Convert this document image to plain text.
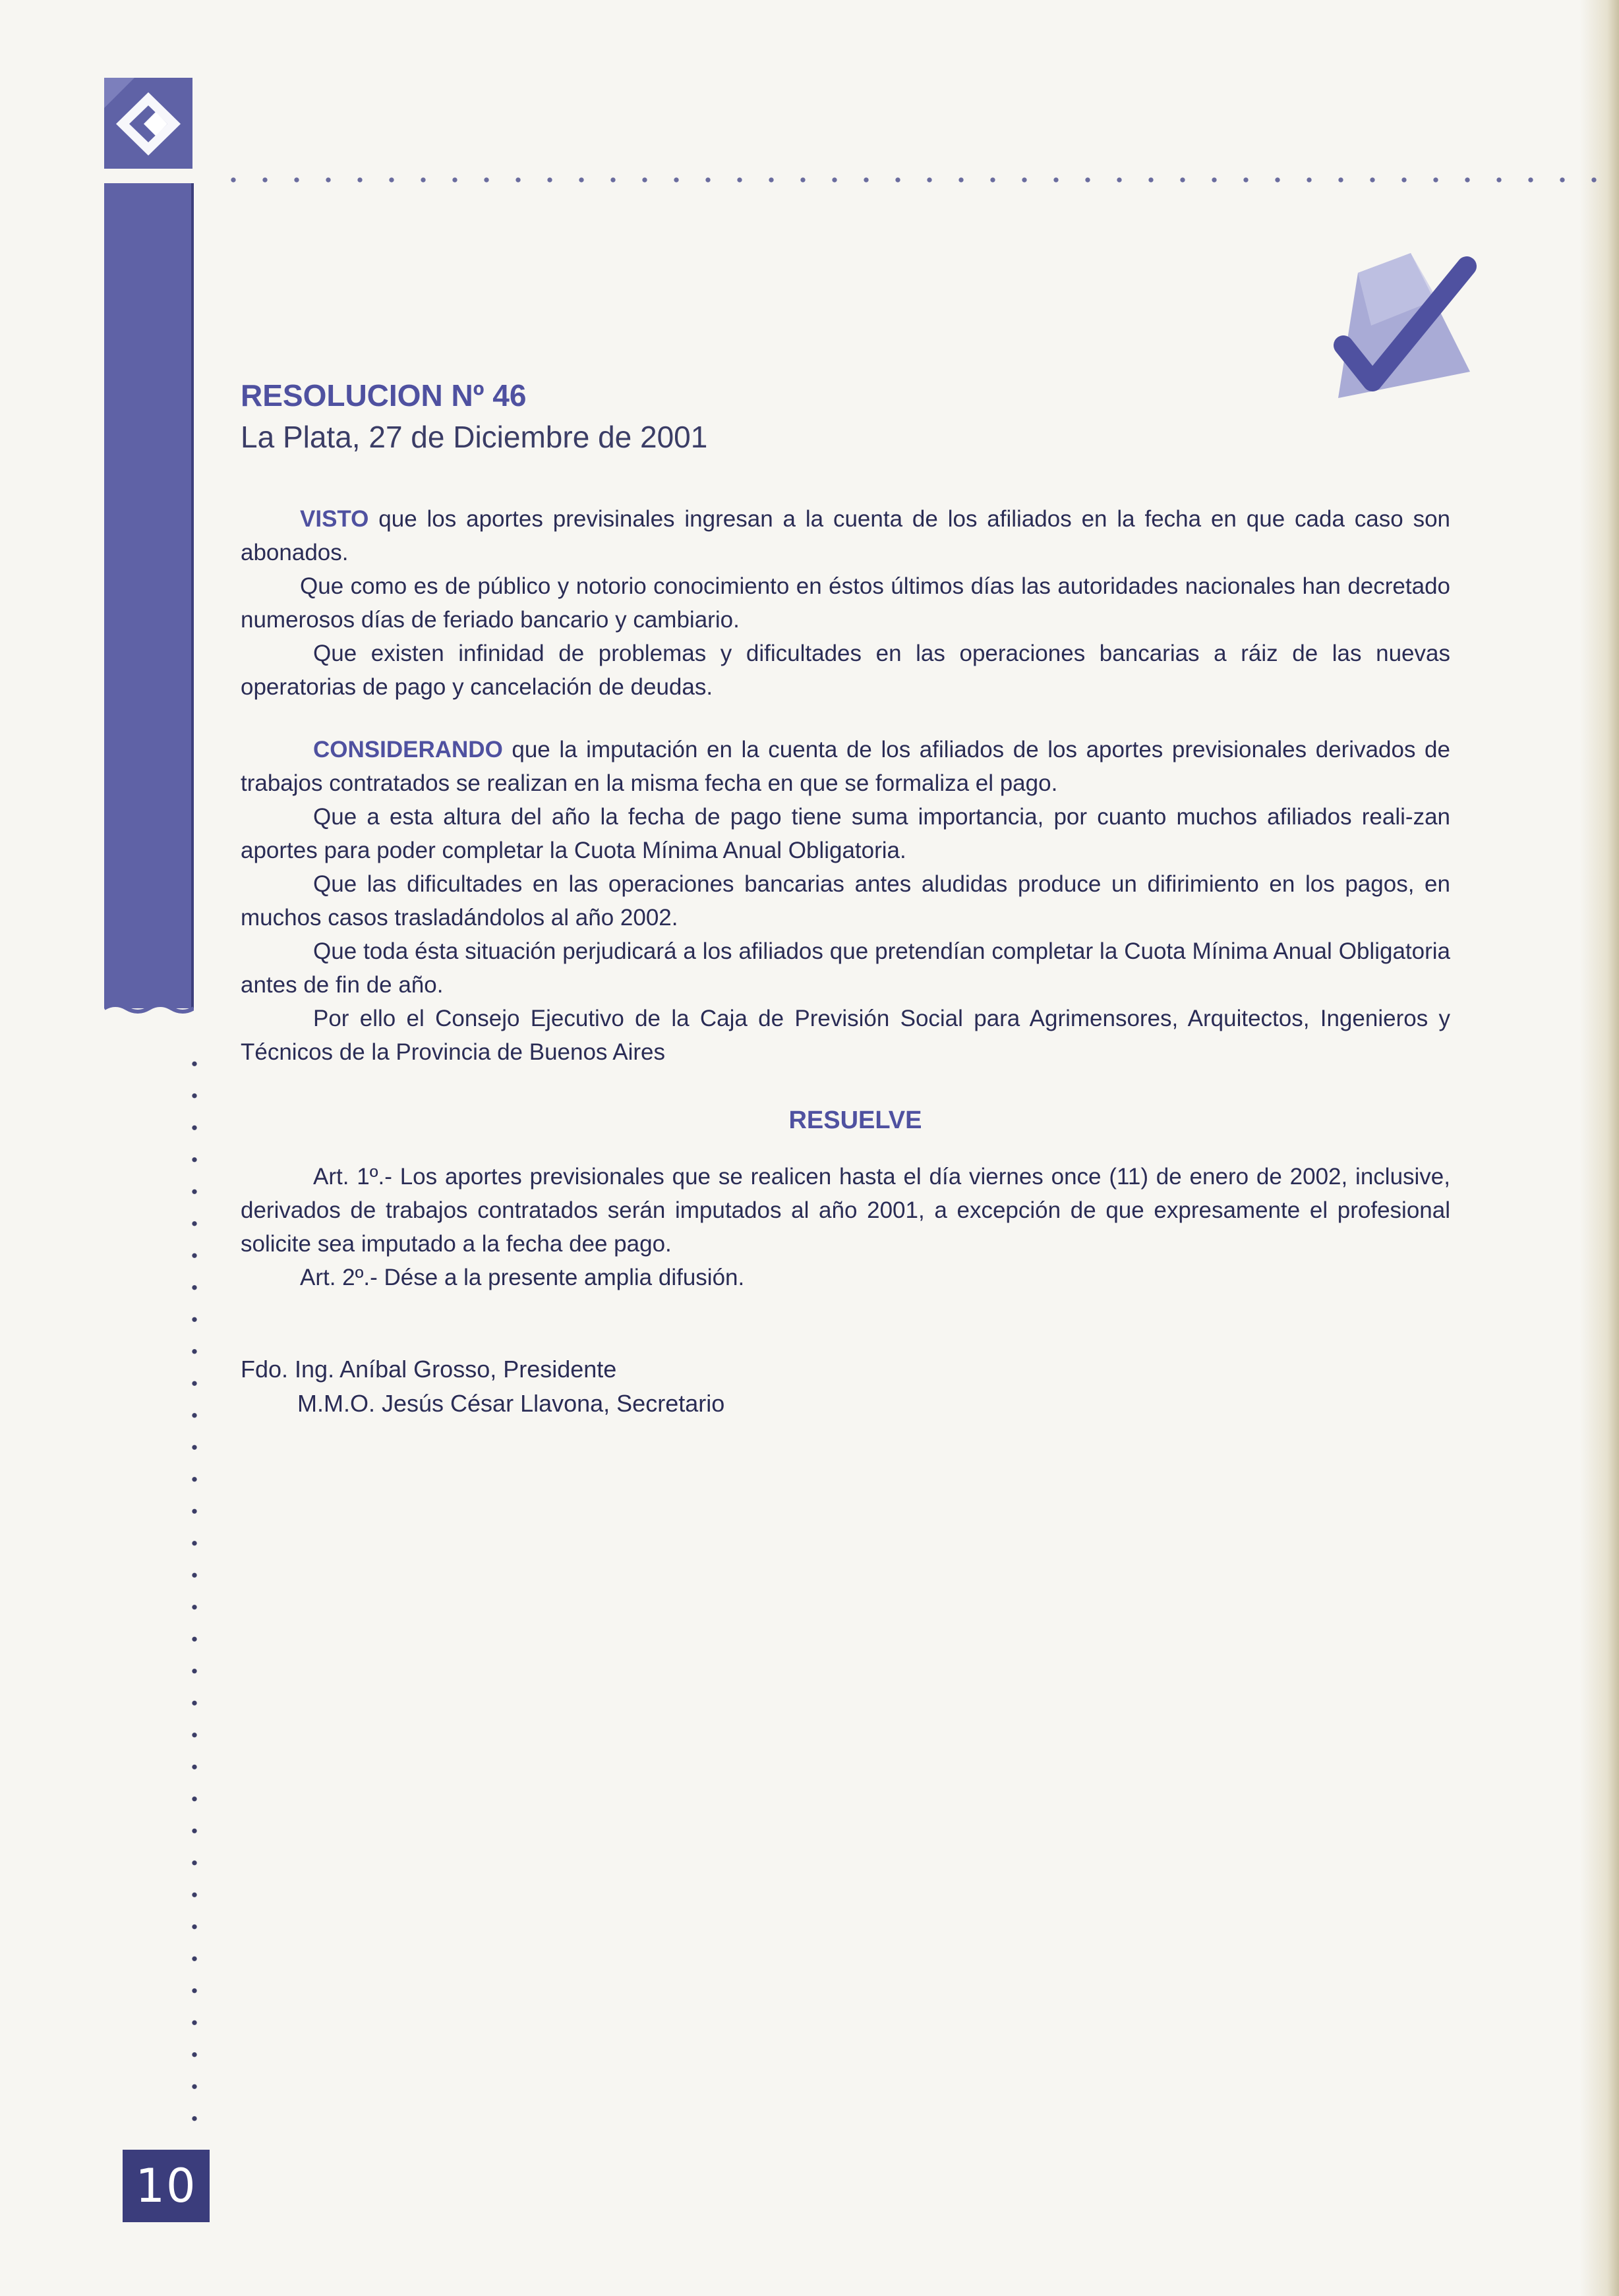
RESOLUCION Nº 46

La Plata, 27 de Diciembre de 2001

VISTO que los aportes previsinales ingresan a la cuenta de los afiliados en la fecha en que cada caso son abonados.

Que como es de público y notorio conocimiento en éstos últimos días las autoridades nacionales han decretado numerosos días de feriado bancario y cambiario.

Que existen infinidad de problemas y dificultades en las operaciones bancarias a ráiz de las nuevas operatorias de pago y cancelación de deudas.

CONSIDERANDO que la imputación en la cuenta de los afiliados de los aportes previsionales derivados de trabajos contratados se realizan en la misma fecha en que se formaliza el pago.

Que a esta altura del año la fecha de pago tiene suma importancia, por cuanto muchos afiliados reali-zan aportes para poder completar la Cuota Mínima Anual Obligatoria.

Que las dificultades en las operaciones bancarias antes aludidas produce un difirimiento en los pagos, en muchos casos trasladándolos al año 2002.

Que toda ésta situación perjudicará a los afiliados que pretendían completar la Cuota Mínima Anual Obligatoria antes de fin de año.

Por ello el Consejo Ejecutivo de la Caja de Previsión Social para Agrimensores, Arquitectos, Ingenieros y Técnicos de la Provincia de Buenos Aires

RESUELVE

Art. 1º.- Los aportes previsionales que se realicen hasta el día viernes once (11) de enero de 2002, inclusive, derivados de trabajos contratados serán imputados al año 2001, a excepción de que expresamente el profesional solicite sea imputado a la fecha dee pago.

Art. 2º.- Dése a la presente amplia difusión.

Fdo. Ing. Aníbal Grosso, Presidente
M.M.O. Jesús César Llavona, Secretario
10
